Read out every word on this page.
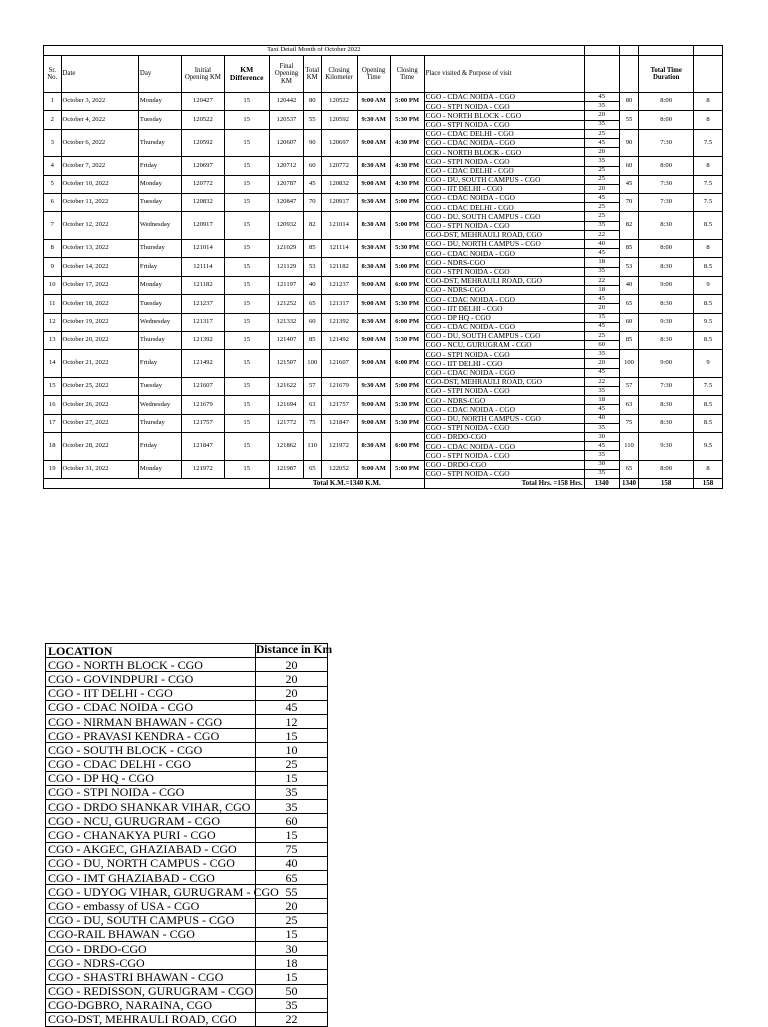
Taxi Detail Month of October 2022														
Sr. No.	Date	Day	Initial Opening KM	KM Difference	Final Opening KM	Total KM	Closing Kilometer	Opening Time	Closing Time	Place visited & Purpose of visit			Total Time Duration	
1	October 3, 2022	Monday	120427	15	120442	80	120522	9:00 AM	5:00 PM	CGO - CDAC NOIDA - CGO	45	80	8:00	8
										CGO - STPI NOIDA - CGO	35			
2	October 4, 2022	Tuesday	120522	15	120537	55	120592	9:30 AM	5:30 PM	CGO - NORTH BLOCK - CGO	20	55	8:00	8
										CGO - STPI NOIDA - CGO	35			
3	October 6, 2022	Thursday	120592	15	120607	90	120697	9:00 AM	4:30 PM	CGO - CDAC DELHI - CGO	25	90	7:30	7.5
										CGO - CDAC NOIDA - CGO	45			
										CGO - NORTH BLOCK - CGO	20			
4	October 7, 2022	Friday	120697	15	120712	60	120772	8:30 AM	4:30 PM	CGO - STPI NOIDA - CGO	35	60	8:00	8
										CGO - CDAC DELHI - CGO	25			
5	October 10, 2022	Monday	120772	15	120787	45	120832	9:00 AM	4:30 PM	CGO - DU, SOUTH CAMPUS - CGO	25	45	7:30	7.5
										CGO - IIT DELHI - CGO	20			
6	October 11, 2022	Tuesday	120832	15	120847	70	120917	9:30 AM	5:00 PM	CGO - CDAC NOIDA - CGO	45	70	7:30	7.5
										CGO - CDAC DELHI - CGO	25			
7	October 12, 2022	Wednesday	120917	15	120932	82	121014	8:30 AM	5:00 PM	CGO - DU, SOUTH CAMPUS - CGO	25	82	8:30	8.5
										CGO - STPI NOIDA - CGO	35			
										CGO-DST, MEHRAULI ROAD, CGO	22			
8	October 13, 2022	Thursday	121014	15	121029	85	121114	9:30 AM	5:30 PM	CGO - DU, NORTH CAMPUS - CGO	40	85	8:00	8
										CGO - CDAC NOIDA - CGO	45			
9	October 14, 2022	Friday	121114	15	121129	53	121182	8:30 AM	5:00 PM	CGO - NDRS-CGO	18	53	8:30	8.5
										CGO - STPI NOIDA - CGO	35			
10	October 17, 2022	Monday	121182	15	121197	40	121237	9:00 AM	6:00 PM	CGO-DST, MEHRAULI ROAD, CGO	22	40	9:00	9
										CGO - NDRS-CGO	18			
11	October 18, 2022	Tuesday	121237	15	121252	65	121317	9:00 AM	5:30 PM	CGO - CDAC NOIDA - CGO	45	65	8:30	8.5
										CGO - IIT DELHI - CGO	20			
12	October 19, 2022	Wednesday	121317	15	121332	60	121392	8:30 AM	6:00 PM	CGO - DP HQ - CGO	15	60	9:30	9.5
										CGO - CDAC NOIDA - CGO	45			
13	October 20, 2022	Thursday	121392	15	121407	85	121492	9:00 AM	5:30 PM	CGO - DU, SOUTH CAMPUS - CGO	25	85	8:30	8.5
										CGO - NCU, GURUGRAM - CGO	60			
14	October 21, 2022	Friday	121492	15	121507	100	121607	9:00 AM	6:00 PM	CGO - STPI NOIDA - CGO	35	100	9:00	9
										CGO - IIT DELHI - CGO	20			
										CGO - CDAC NOIDA - CGO	45			
15	October 25, 2022	Tuesday	121607	15	121622	57	121679	9:30 AM	5:00 PM	CGO-DST, MEHRAULI ROAD, CGO	22	57	7:30	7.5
										CGO - STPI NOIDA - CGO	35			
16	October 26, 2022	Wednesday	121679	15	121694	63	121757	9:00 AM	5:30 PM	CGO - NDRS-CGO	18	63	8:30	8.5
										CGO - CDAC NOIDA - CGO	45			
17	October 27, 2022	Thursday	121757	15	121772	75	121847	9:00 AM	5:30 PM	CGO - DU, NORTH CAMPUS - CGO	40	75	8:30	8.5
										CGO - STPI NOIDA - CGO	35			
18	October 28, 2022	Friday	121847	15	121862	110	121972	8:30 AM	6:00 PM	CGO - DRDO-CGO	30	110	9:30	9.5
										CGO - CDAC NOIDA - CGO	45			
										CGO - STPI NOIDA - CGO	35			
19	October 31, 2022	Monday	121972	15	121987	65	122052	9:00 AM	5:00 PM	CGO - DRDO-CGO	30	65	8:00	8
										CGO - STPI NOIDA - CGO	35			
					Total K.M.=1340 K.M.					Total Hrs. =158 Hrs.	1340	1340	158	158
LOCATION	Distance in Km
CGO - NORTH BLOCK - CGO	20
CGO - GOVINDPURI - CGO	20
CGO - IIT DELHI - CGO	20
CGO - CDAC NOIDA - CGO	45
CGO - NIRMAN BHAWAN - CGO	12
CGO - PRAVASI KENDRA - CGO	15
CGO - SOUTH BLOCK - CGO	10
CGO - CDAC DELHI - CGO	25
CGO - DP HQ - CGO	15
CGO - STPI NOIDA - CGO	35
CGO - DRDO SHANKAR VIHAR, CGO	35
CGO - NCU, GURUGRAM - CGO	60
CGO - CHANAKYA PURI - CGO	15
CGO - AKGEC, GHAZIABAD - CGO	75
CGO - DU, NORTH CAMPUS - CGO	40
CGO - IMT GHAZIABAD - CGO	65
CGO - UDYOG VIHAR, GURUGRAM - CGO	55
CGO - embassy of USA - CGO	20
CGO - DU, SOUTH CAMPUS - CGO	25
CGO-RAIL BHAWAN - CGO	15
CGO - DRDO-CGO	30
CGO - NDRS-CGO	18
CGO - SHASTRI BHAWAN - CGO	15
CGO - REDISSON, GURUGRAM - CGO	50
CGO-DGBRO, NARAINA, CGO	35
CGO-DST, MEHRAULI ROAD, CGO	22
